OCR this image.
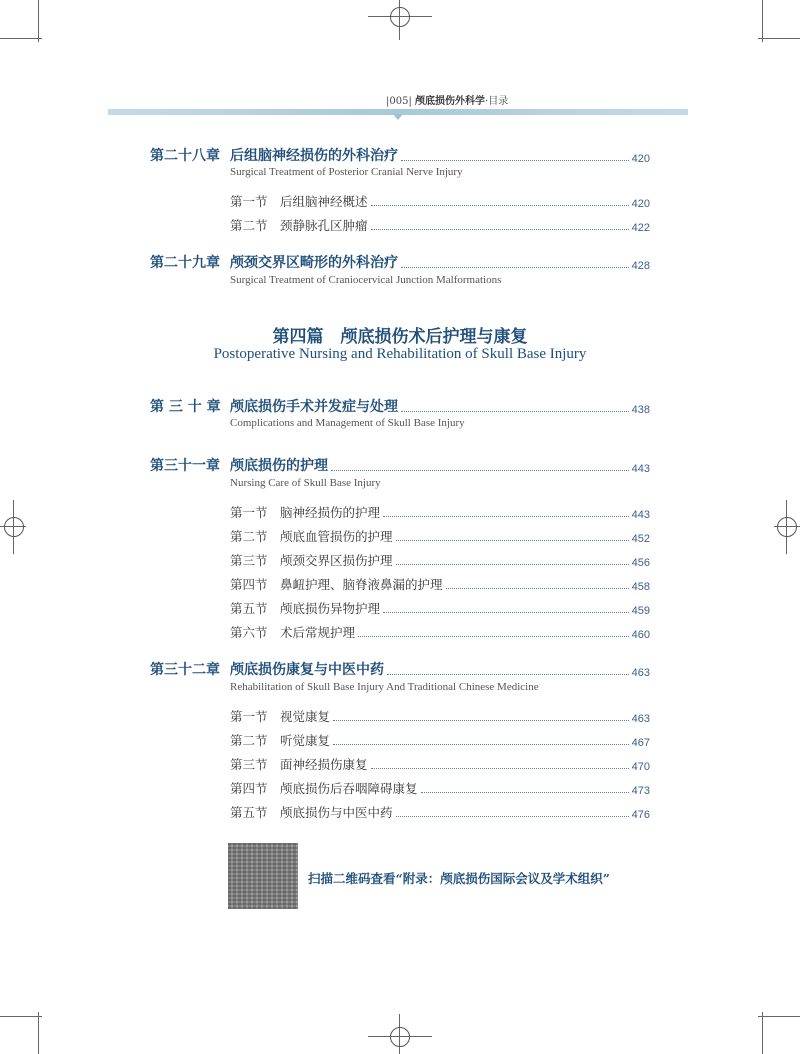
|005| 颅底损伤外科学·目录
第二十八章 后组脑神经损伤的外科治疗	420
Surgical Treatment of Posterior Cranial Nerve Injury
第一节 后组脑神经概述	420
第二节 颈静脉孔区肿瘤	422
第二十九章 颅颈交界区畸形的外科治疗	428
Surgical Treatment of Craniocervical Junction Malformations
第四篇　颅底损伤术后护理与康复
Postoperative Nursing and Rehabilitation of Skull Base Injury
第 三 十 章 颅底损伤手术并发症与处理	438
Complications and Management of Skull Base Injury
第三十一章 颅底损伤的护理	443
Nursing Care of Skull Base Injury
第一节 脑神经损伤的护理	443
第二节 颅底血管损伤的护理	452
第三节 颅颈交界区损伤护理	456
第四节 鼻衄护理、脑脊液鼻漏的护理	458
第五节 颅底损伤异物护理	459
第六节 术后常规护理	460
第三十二章 颅底损伤康复与中医中药	463
Rehabilitation of Skull Base Injury And Traditional Chinese Medicine
第一节 视觉康复	463
第二节 听觉康复	467
第三节 面神经损伤康复	470
第四节 颅底损伤后吞咽障碍康复	473
第五节 颅底损伤与中医中药	476
扫描二维码查看“附录：颅底损伤国际会议及学术组织”
